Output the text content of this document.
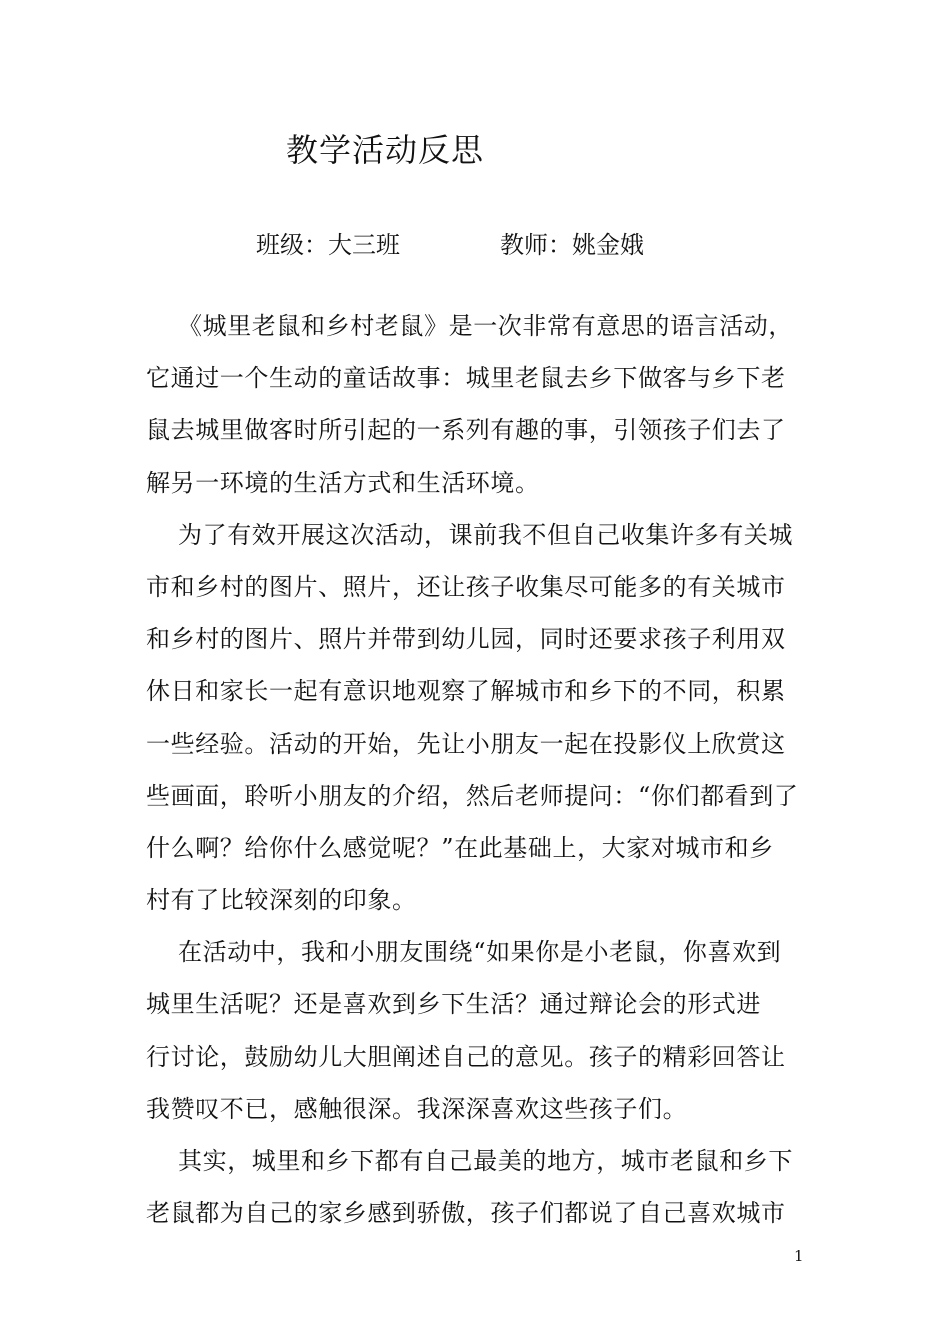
教学活动反思
班级：大三班	教师：姚金娥
《城里老鼠和乡村老鼠》是一次非常有意思的语言活动，
它通过一个生动的童话故事：城里老鼠去乡下做客与乡下老
鼠去城里做客时所引起的一系列有趣的事，引领孩子们去了
解另一环境的生活方式和生活环境。
为了有效开展这次活动，课前我不但自己收集许多有关城
市和乡村的图片、照片，还让孩子收集尽可能多的有关城市
和乡村的图片、照片并带到幼儿园，同时还要求孩子利用双
休日和家长一起有意识地观察了解城市和乡下的不同，积累
一些经验。活动的开始，先让小朋友一起在投影仪上欣赏这
些画面，聆听小朋友的介绍，然后老师提问：“你们都看到了
什么啊？给你什么感觉呢？”在此基础上，大家对城市和乡
村有了比较深刻的印象。
在活动中，我和小朋友围绕“如果你是小老鼠，你喜欢到
城里生活呢？还是喜欢到乡下生活？通过辩论会的形式进
行讨论，鼓励幼儿大胆阐述自己的意见。孩子的精彩回答让
我赞叹不已，感触很深。我深深喜欢这些孩子们。
其实，城里和乡下都有自己最美的地方，城市老鼠和乡下
老鼠都为自己的家乡感到骄傲，孩子们都说了自己喜欢城市
1
